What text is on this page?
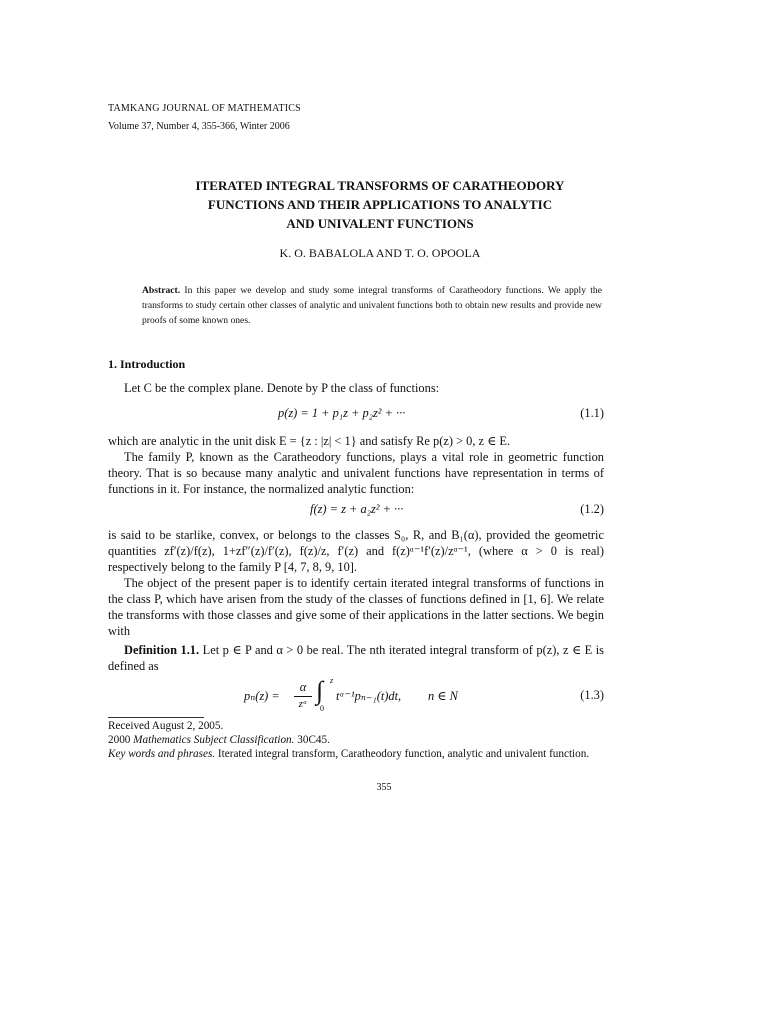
TAMKANG JOURNAL OF MATHEMATICS
Volume 37, Number 4, 355-366, Winter 2006
ITERATED INTEGRAL TRANSFORMS OF CARATHEODORY
FUNCTIONS AND THEIR APPLICATIONS TO ANALYTIC
AND UNIVALENT FUNCTIONS
K. O. BABALOLA AND T. O. OPOOLA
Abstract. In this paper we develop and study some integral transforms of Caratheodory functions. We apply the transforms to study certain other classes of analytic and univalent functions both to obtain new results and provide new proofs of some known ones.
1. Introduction
Let C be the complex plane. Denote by P the class of functions:
p(z) = 1 + p₁z + p₂z² + ···	(1.1)
which are analytic in the unit disk E = {z : |z| < 1} and satisfy Re p(z) > 0, z ∈ E.
The family P, known as the Caratheodory functions, plays a vital role in geometric function theory. That is so because many analytic and univalent functions have representation in terms of functions in it. For instance, the normalized analytic function:
f(z) = z + a₂z² + ···	(1.2)
is said to be starlike, convex, or belongs to the classes S₀, R, and B₁(α), provided the geometric quantities zf′(z)/f(z), 1+zf″(z)/f′(z), f(z)/z, f′(z) and f(z)ᵅ⁻¹f′(z)/zᵅ⁻¹, (where α > 0 is real) respectively belong to the family P [4, 7, 8, 9, 10].
The object of the present paper is to identify certain iterated integral transforms of functions in the class P, which have arisen from the study of the classes of functions defined in [1, 6]. We relate the transforms with those classes and give some of their applications in the latter sections. We begin with
Definition 1.1. Let p ∈ P and α > 0 be real. The nth iterated integral transform of p(z), z ∈ E is defined as
pₙ(z) =
α
zᵅ ∫ z
0
tᵅ⁻¹pₙ₋₁(t)dt, n ∈ N	(1.3)
Received August 2, 2005.
2000 Mathematics Subject Classification. 30C45.
Key words and phrases. Iterated integral transform, Caratheodory function, analytic and univalent function.
355
